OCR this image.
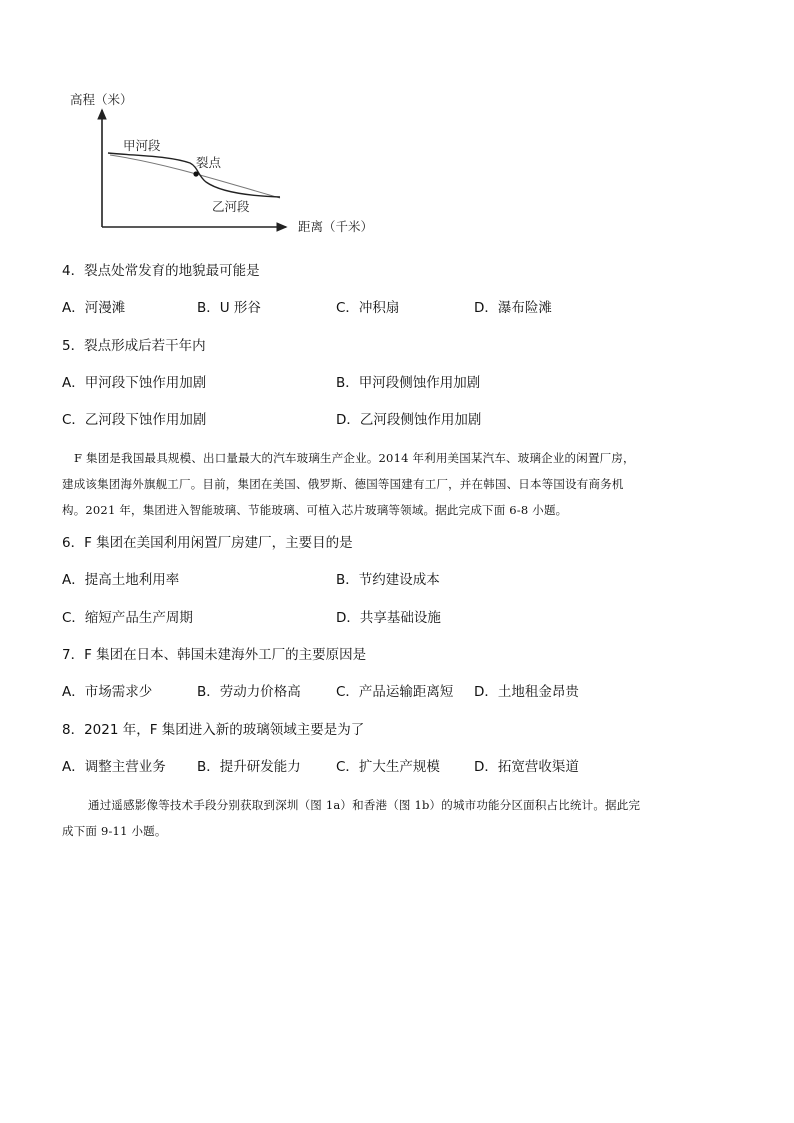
高程（米）
距离（千米）
甲河段
裂点
乙河段
4．裂点处常发育的地貌最可能是
A．河漫滩	B．U 形谷	C．冲积扇	D．瀑布险滩
5．裂点形成后若干年内
A．甲河段下蚀作用加剧	B．甲河段侧蚀作用加剧
C．乙河段下蚀作用加剧	D．乙河段侧蚀作用加剧
F 集团是我国最具规模、出口量最大的汽车玻璃生产企业。2014 年利用美国某汽车、玻璃企业的闲置厂房，
建成该集团海外旗舰工厂。目前，集团在美国、俄罗斯、德国等国建有工厂，并在韩国、日本等国设有商务机
构。2021 年，集团进入智能玻璃、节能玻璃、可植入芯片玻璃等领域。据此完成下面 6-8 小题。
6．F 集团在美国利用闲置厂房建厂，主要目的是
A．提高土地利用率	B．节约建设成本
C．缩短产品生产周期	D．共享基础设施
7．F 集团在日本、韩国未建海外工厂的主要原因是
A．市场需求少	B．劳动力价格高	C．产品运输距离短 D．土地租金昂贵
8．2021 年，F 集团进入新的玻璃领域主要是为了
A．调整主营业务 B．提升研发能力	C．扩大生产规模	D．拓宽营收渠道
通过遥感影像等技术手段分别获取到深圳（图 1a）和香港（图 1b）的城市功能分区面积占比统计。据此完
成下面 9-11 小题。
